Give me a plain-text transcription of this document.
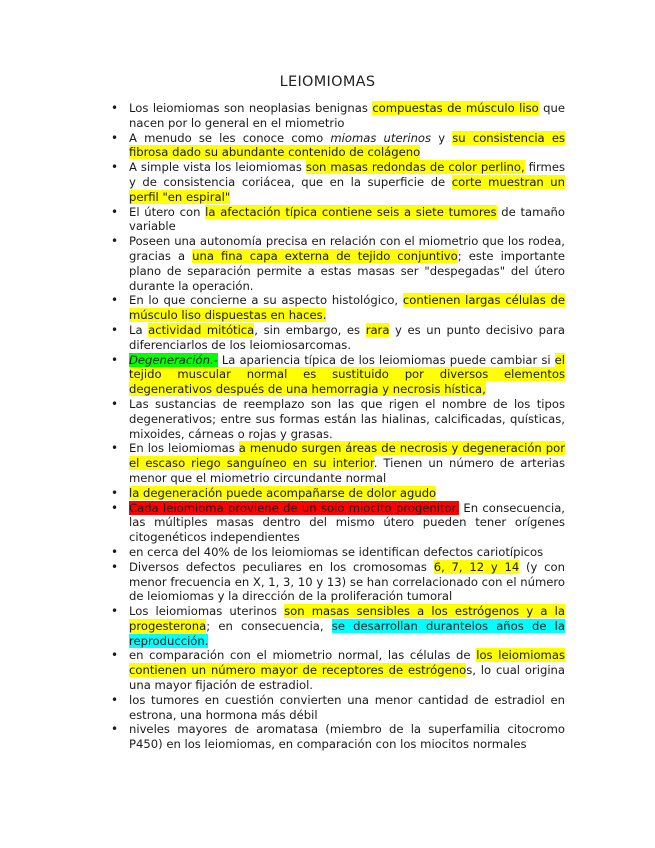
LEIOMIOMAS
• Los leiomiomas son neoplasias benignas compuestas de músculo liso que nacen por lo general en el miometrio
• A menudo se les conoce como miomas uterinos y su consistencia es fibrosa dado su abundante contenido de colágeno
• A simple vista los leiomiomas son masas redondas de color perlino, firmes y de consistencia coriácea, que en la superficie de corte muestran un perfil "en espiral"
• El útero con la afectación típica contiene seis a siete tumores de tamaño variable
• Poseen una autonomía precisa en relación con el miometrio que los rodea, gracias a una fina capa externa de tejido conjuntivo; este importante plano de separación permite a estas masas ser "despegadas" del útero durante la operación.
• En lo que concierne a su aspecto histológico, contienen largas células de músculo liso dispuestas en haces.
• La actividad mitótica, sin embargo, es rara y es un punto decisivo para diferenciarlos de los leiomiosarcomas.
• Degeneración.- La apariencia típica de los leiomiomas puede cambiar si el tejido muscular normal es sustituido por diversos elementos degenerativos después de una hemorragia y necrosis hística,
• Las sustancias de reemplazo son las que rigen el nombre de los tipos degenerativos; entre sus formas están las hialinas, calcificadas, quísticas, mixoides, cárneas o rojas y grasas.
• En los leiomiomas a menudo surgen áreas de necrosis y degeneración por el escaso riego sanguíneo en su interior. Tienen un número de arterias menor que el miometrio circundante normal
• la degeneración puede acompañarse de dolor agudo
• Cada leiomioma proviene de un solo miocito progenitor. En consecuencia, las múltiples masas dentro del mismo útero pueden tener orígenes citogenéticos independientes
• en cerca del 40% de los leiomiomas se identifican defectos cariotípicos
• Diversos defectos peculiares en los cromosomas 6, 7, 12 y 14 (y con menor frecuencia en X, 1, 3, 10 y 13) se han correlacionado con el número de leiomiomas y la dirección de la proliferación tumoral
• Los leiomiomas uterinos son masas sensibles a los estrógenos y a la progesterona; en consecuencia, se desarrollan durantelos años de la reproducción.
• en comparación con el miometrio normal, las células de los leiomiomas contienen un número mayor de receptores de estrógenos, lo cual origina una mayor fijación de estradiol.
• los tumores en cuestión convierten una menor cantidad de estradiol en estrona, una hormona más débil
• niveles mayores de aromatasa (miembro de la superfamilia citocromo P450) en los leiomiomas, en comparación con los miocitos normales
